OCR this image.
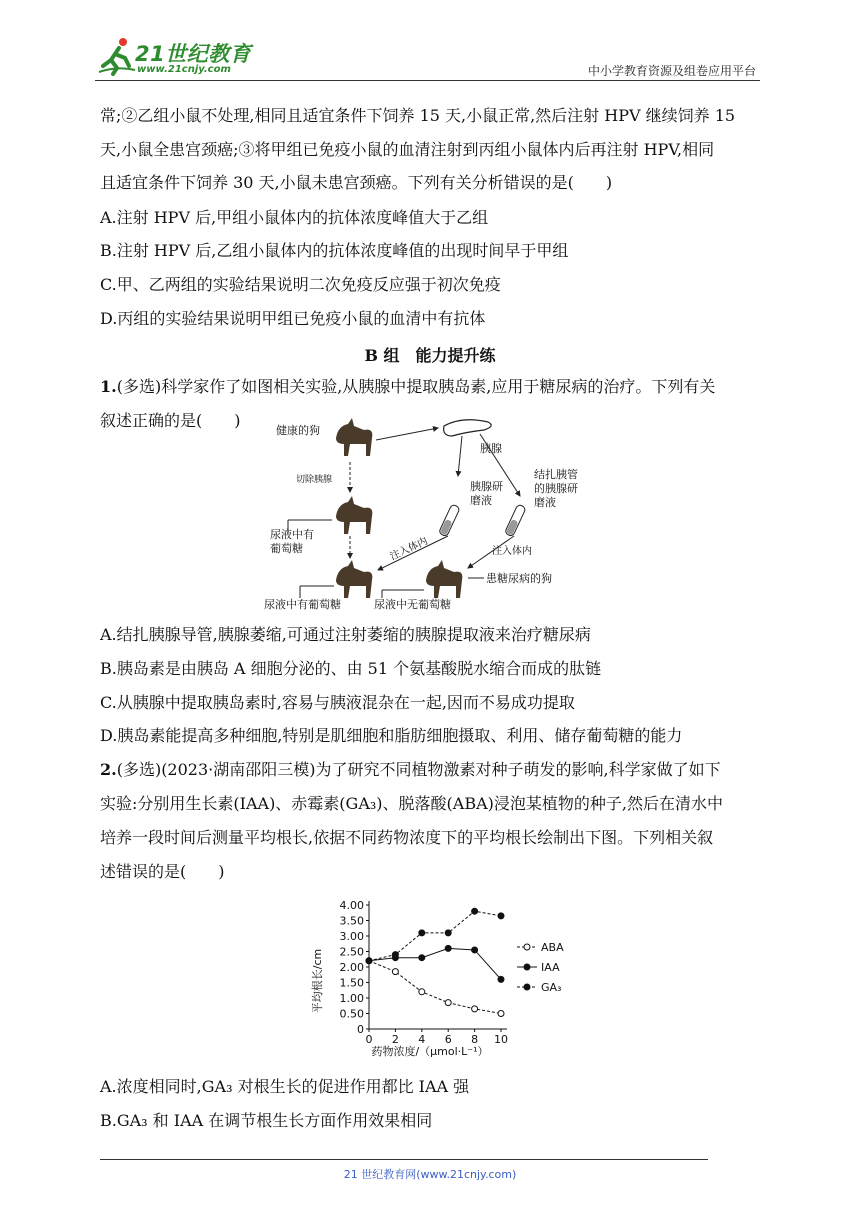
21世纪教育
www.21cnjy.com	中小学教育资源及组卷应用平台
常;②乙组小鼠不处理,相同且适宜条件下饲养 15 天,小鼠正常,然后注射 HPV 继续饲养 15
天,小鼠全患宫颈癌;③将甲组已免疫小鼠的血清注射到丙组小鼠体内后再注射 HPV,相同
且适宜条件下饲养 30 天,小鼠未患宫颈癌。下列有关分析错误的是(　　)
A.注射 HPV 后,甲组小鼠体内的抗体浓度峰值大于乙组
B.注射 HPV 后,乙组小鼠体内的抗体浓度峰值的出现时间早于甲组
C.甲、乙两组的实验结果说明二次免疫反应强于初次免疫
D.丙组的实验结果说明甲组已免疫小鼠的血清中有抗体
B 组　能力提升练
1.(多选)科学家作了如图相关实验,从胰腺中提取胰岛素,应用于糖尿病的治疗。下列有关
叙述正确的是(　　)
健康的狗
胰腺
切除胰腺	结扎胰管
的胰腺研
磨液
胰腺研
磨液
尿液中有
葡萄糖	注入体内	注入体内
患糖尿病的狗
尿液中有葡萄糖	尿液中无葡萄糖
A.结扎胰腺导管,胰腺萎缩,可通过注射萎缩的胰腺提取液来治疗糖尿病
B.胰岛素是由胰岛 A 细胞分泌的、由 51 个氨基酸脱水缩合而成的肽链
C.从胰腺中提取胰岛素时,容易与胰液混杂在一起,因而不易成功提取
D.胰岛素能提高多种细胞,特别是肌细胞和脂肪细胞摄取、利用、储存葡萄糖的能力
2.(多选)(2023·湖南邵阳三模)为了研究不同植物激素对种子萌发的影响,科学家做了如下
实验:分别用生长素(IAA)、赤霉素(GA₃)、脱落酸(ABA)浸泡某植物的种子,然后在清水中
培养一段时间后测量平均根长,依据不同药物浓度下的平均根长绘制出下图。下列相关叙
述错误的是(　　)
0
0.50
1.00
1.50
2.00
2.50
3.00
3.50
4.00
0 2 4 6 8 10
ABA
IAA
GA₃
平均根长/cm
药物浓度/（μmol·L⁻¹）
A.浓度相同时,GA₃ 对根生长的促进作用都比 IAA 强
B.GA₃ 和 IAA 在调节根生长方面作用效果相同
21 世纪教育网(www.21cnjy.com)
